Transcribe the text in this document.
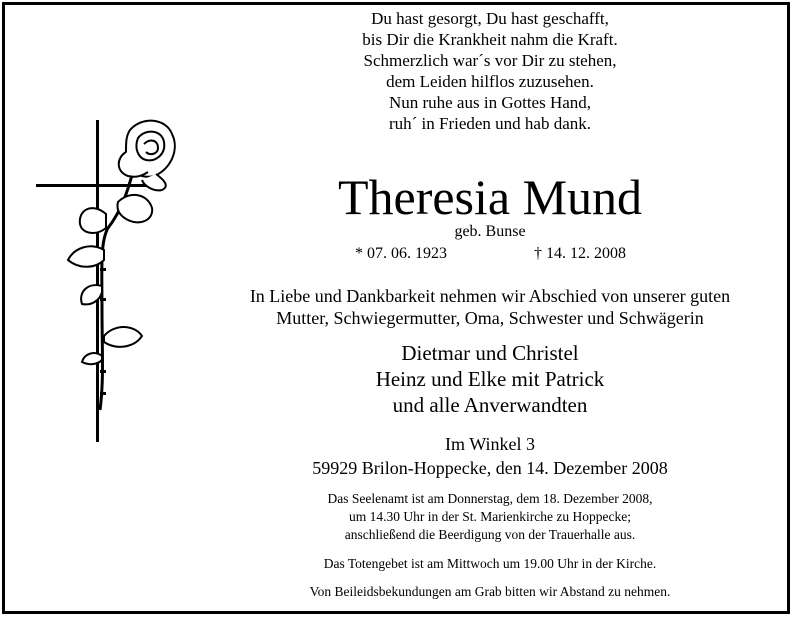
Du hast gesorgt, Du hast geschafft,
bis Dir die Krankheit nahm die Kraft.
Schmerzlich war´s vor Dir zu stehen,
dem Leiden hilflos zuzusehen.
Nun ruhe aus in Gottes Hand,
ruh´ in Frieden und hab dank.
Theresia Mund
geb. Bunse
* 07. 06. 1923	† 14. 12. 2008
In Liebe und Dankbarkeit nehmen wir Abschied von unserer guten
Mutter, Schwiegermutter, Oma, Schwester und Schwägerin
Dietmar und Christel
Heinz und Elke mit Patrick
und alle Anverwandten
Im Winkel 3
59929 Brilon-Hoppecke, den 14. Dezember 2008
Das Seelenamt ist am Donnerstag, dem 18. Dezember 2008,
um 14.30 Uhr in der St. Marienkirche zu Hoppecke;
anschließend die Beerdigung von der Trauerhalle aus.
Das Totengebet ist am Mittwoch um 19.00 Uhr in der Kirche.
Von Beileidsbekundungen am Grab bitten wir Abstand zu nehmen.
